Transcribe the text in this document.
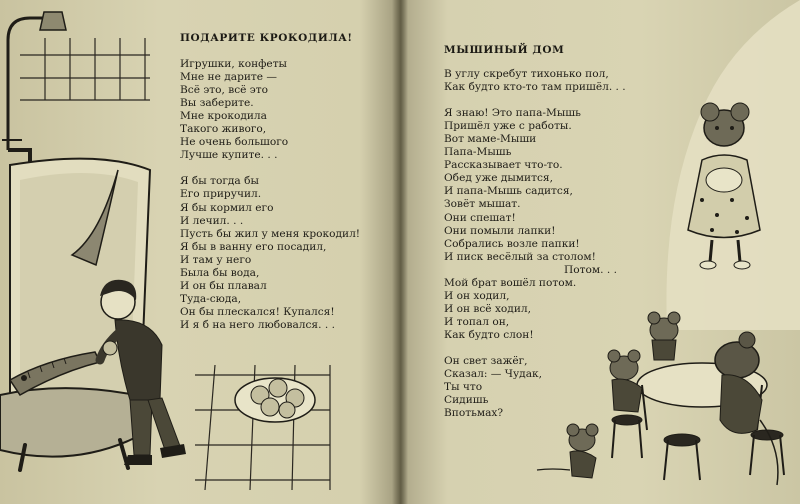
ПОДАРИТЕ КРОКОДИЛА!
Игрушки, конфеты
Мне не дарите —
Всё это, всё это
Вы заберите.
Мне крокодила
Такого живого,
Не очень большого
Лучше купите. . .
Я бы тогда бы
Его приручил.
Я бы кормил его
И лечил. . .
Пусть бы жил у меня крокодил!
Я бы в ванну его посадил,
И там у него
Была бы вода,
И он бы плавал
Туда-сюда,
Он бы плескался! Купался!
И я б на него любовался. . .
МЫШИНЫЙ ДОМ
В углу скребут тихонько пол,
Как будто кто-то там пришёл. . .
Я знаю! Это папа-Мышь
Пришёл уже с работы.
Вот маме-Мыши
Папа-Мышь
Рассказывает что-то.
Обед уже дымится,
И папа-Мышь садится,
Зовёт мышат.
Они спешат!
Они помыли лапки!
Собрались возле папки!
И писк весёлый за столом!
Потом. . .
Мой брат вошёл потом.
И он ходил,
И он всё ходил,
И топал он,
Как будто слон!
Он свет зажёг,
Сказал: — Чудак,
Ты что
Сидишь
Впотьмах?
